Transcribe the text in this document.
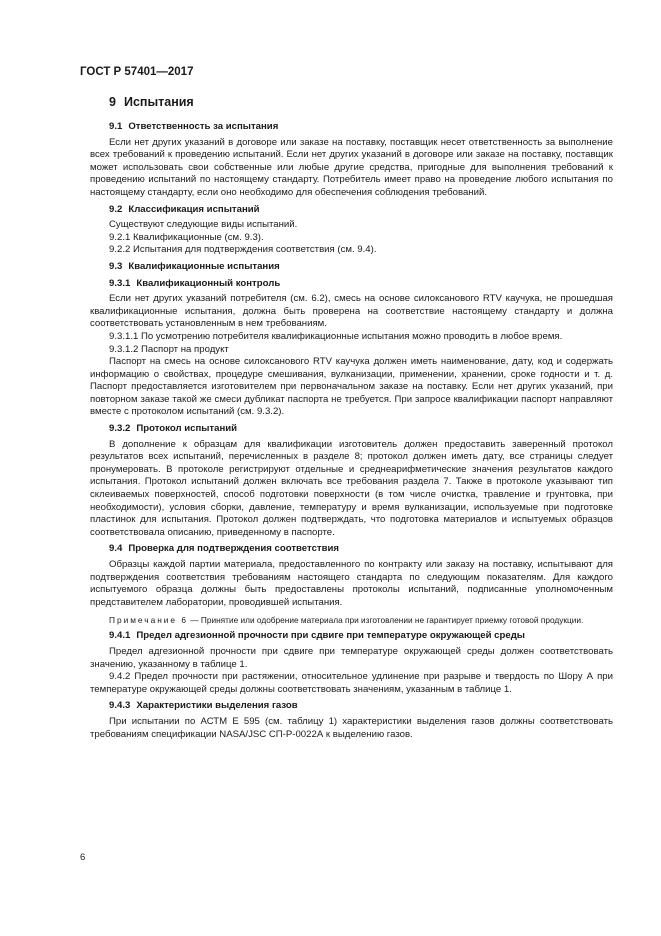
ГОСТ Р 57401—2017
9 Испытания
9.1 Ответственность за испытания

Если нет других указаний в договоре или заказе на поставку, поставщик несет ответственность за выполнение всех требований к проведению испытаний. Если нет других указаний в договоре или заказе на поставку, поставщик может использовать свои собственные или любые другие средства, пригодные для выполнения требований к проведению испытаний по настоящему стандарту. Потребитель имеет право на проведение любого испытания по настоящему стандарту, если оно необходимо для обеспечения соблюдения требований.

9.2 Классификация испытаний

Существуют следующие виды испытаний.

9.2.1 Квалификационные (см. 9.3).

9.2.2 Испытания для подтверждения соответствия (см. 9.4).

9.3 Квалификационные испытания
9.3.1 Квалификационный контроль

Если нет других указаний потребителя (см. 6.2), смесь на основе силоксанового RTV каучука, не прошедшая квалификационные испытания, должна быть проверена на соответствие настоящему стандарту и должна соответствовать установленным в нем требованиям.

9.3.1.1 По усмотрению потребителя квалификационные испытания можно проводить в любое время.

9.3.1.2 Паспорт на продукт

Паспорт на смесь на основе силоксанового RTV каучука должен иметь наименование, дату, код и содержать информацию о свойствах, процедуре смешивания, вулканизации, применении, хранении, сроке годности и т. д. Паспорт предоставляется изготовителем при первоначальном заказе на поставку. Если нет других указаний, при повторном заказе такой же смеси дубликат паспорта не требуется. При запросе квалификации паспорт направляют вместе с протоколом испытаний (см. 9.3.2).

9.3.2 Протокол испытаний

В дополнение к образцам для квалификации изготовитель должен предоставить заверенный протокол результатов всех испытаний, перечисленных в разделе 8; протокол должен иметь дату, все страницы следует пронумеровать. В протоколе регистрируют отдельные и среднеарифметические значения результатов каждого испытания. Протокол испытаний должен включать все требования раздела 7. Также в протоколе указывают тип склеиваемых поверхностей, способ подготовки поверхности (в том числе очистка, травление и грунтовка, при необходимости), условия сборки, давление, температуру и время вулканизации, используемые при подготовке пластинок для испытания. Протокол должен подтверждать, что подготовка материалов и испытуемых образцов соответствовала описанию, приведенному в паспорте.

9.4 Проверка для подтверждения соответствия

Образцы каждой партии материала, предоставленного по контракту или заказу на поставку, испытывают для подтверждения соответствия требованиям настоящего стандарта по следующим показателям. Для каждого испытуемого образца должны быть предоставлены протоколы испытаний, подписанные уполномоченным представителем лаборатории, проводившей испытания.

Примечание 6 — Принятие или одобрение материала при изготовлении не гарантирует приемку готовой продукции.
9.4.1 Предел адгезионной прочности при сдвиге при температуре окружающей среды

Предел адгезионной прочности при сдвиге при температуре окружающей среды должен соответствовать значению, указанному в таблице 1.

9.4.2 Предел прочности при растяжении, относительное удлинение при разрыве и твердость по Шору А при температуре окружающей среды должны соответствовать значениям, указанным в таблице 1.

9.4.3 Характеристики выделения газов

При испытании по АСТМ Е 595 (см. таблицу 1) характеристики выделения газов должны соответствовать требованиям спецификации NASA/JSC СП-Р-0022А к выделению газов.

6
